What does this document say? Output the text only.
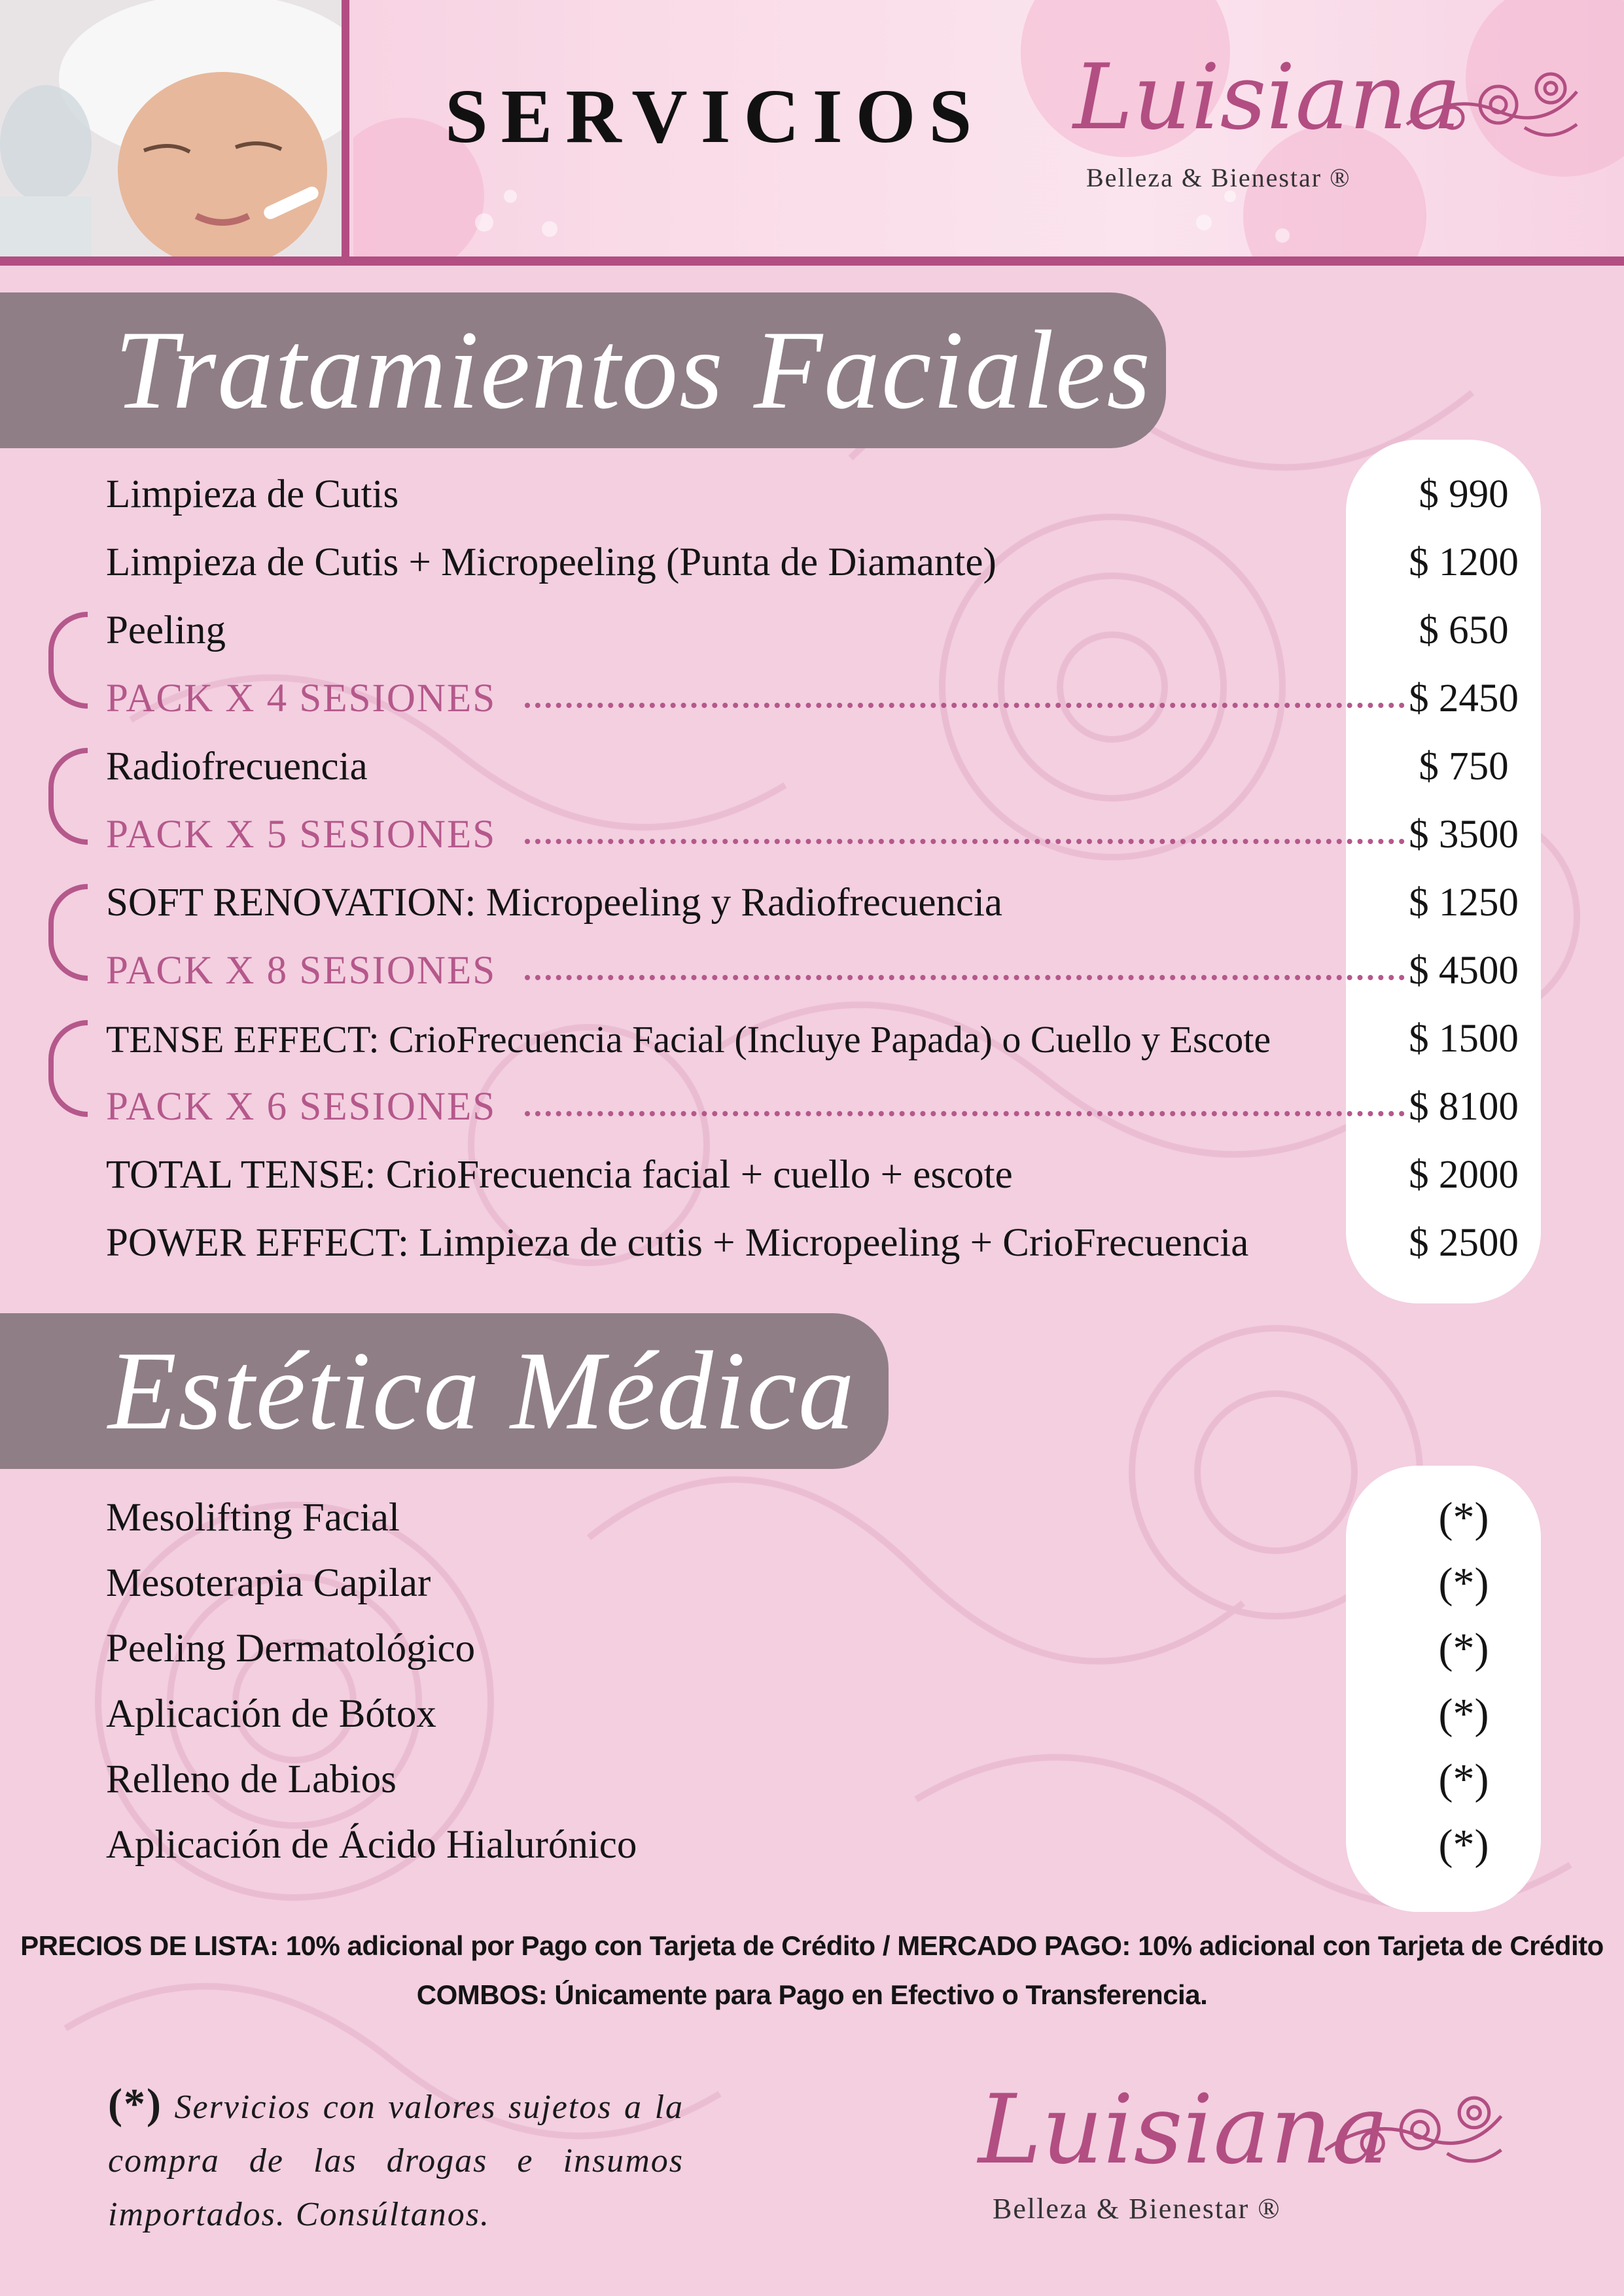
SERVICIOS Luisiana
Belleza & Bienestar ®
Tratamientos Faciales
Limpieza de Cutis	$ 990
Limpieza de Cutis + Micropeeling (Punta de Diamante)	$ 1200
Peeling	$ 650
PACK X 4 SESIONES	$ 2450
Radiofrecuencia	$ 750
PACK X 5 SESIONES	$ 3500
SOFT RENOVATION: Micropeeling y Radiofrecuencia	$ 1250
PACK X 8 SESIONES	$ 4500
TENSE EFFECT: CrioFrecuencia Facial (Incluye Papada) o Cuello y Escote	$ 1500
PACK X 6 SESIONES	$ 8100
TOTAL TENSE: CrioFrecuencia facial + cuello + escote	$ 2000
POWER EFFECT: Limpieza de cutis + Micropeeling + CrioFrecuencia	$ 2500
Estética Médica
Mesolifting Facial	(*)
Mesoterapia Capilar	(*)
Peeling Dermatológico	(*)
Aplicación de Bótox	(*)
Relleno de Labios	(*)
Aplicación de Ácido Hialurónico	(*)
PRECIOS DE LISTA: 10% adicional por Pago con Tarjeta de Crédito / MERCADO PAGO: 10% adicional con Tarjeta de Crédito
COMBOS: Únicamente para Pago en Efectivo o Transferencia.
(*) Servicios con valores sujetos a la compra de las drogas e insumos importados. Consúltanos.
Luisiana
Belleza & Bienestar ®
